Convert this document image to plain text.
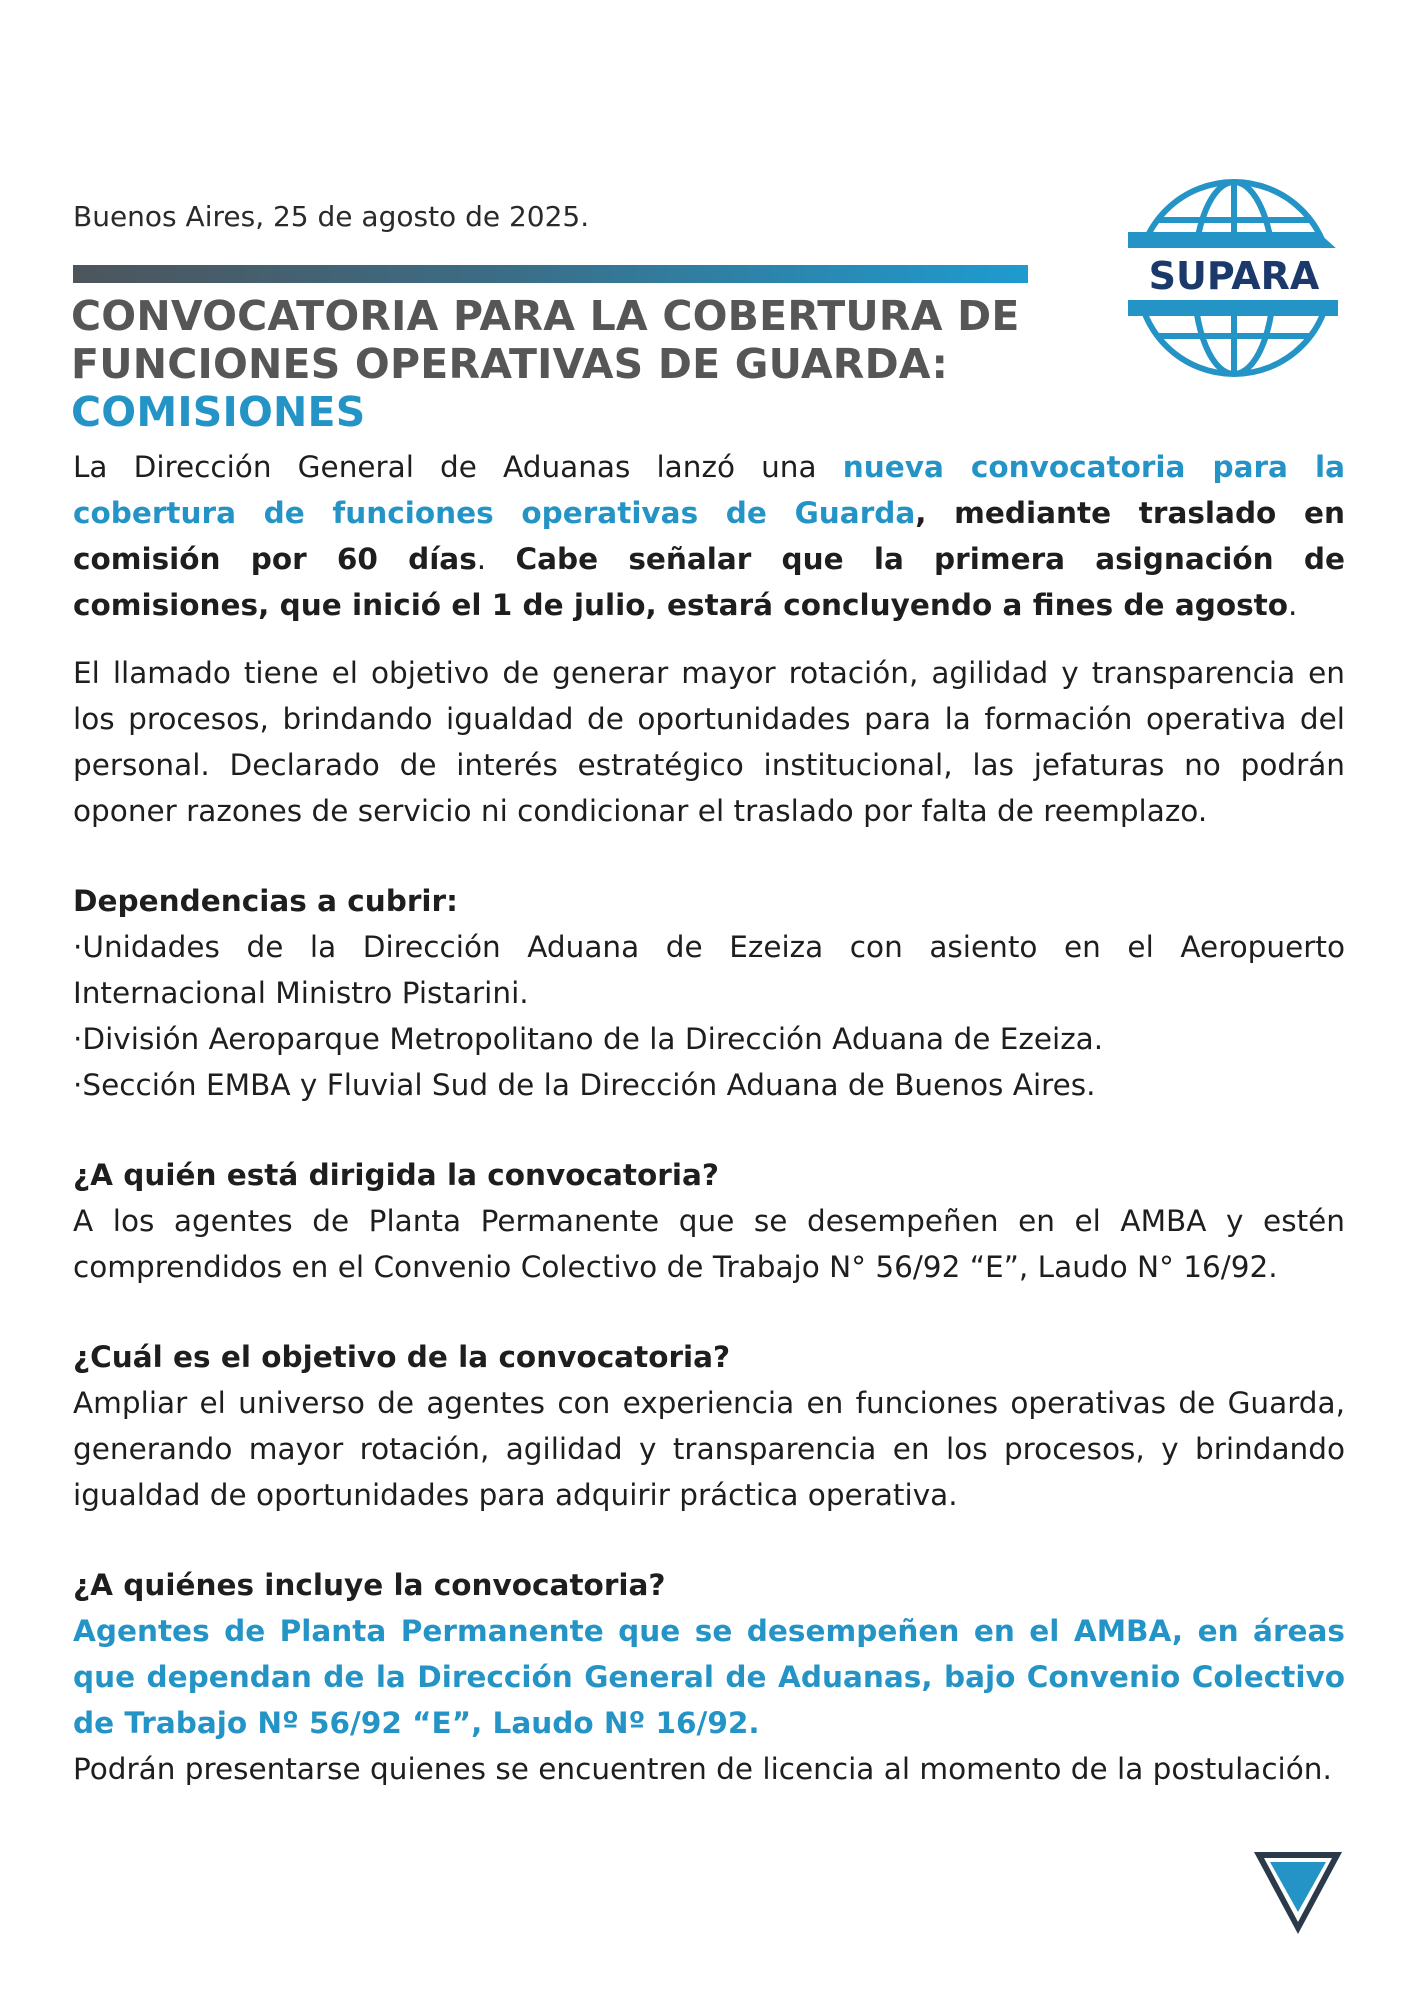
Buenos Aires, 25 de agosto de 2025.
CONVOCATORIA PARA LA COBERTURA DE
FUNCIONES OPERATIVAS DE GUARDA:
COMISIONES
SUPARA

La Dirección General de Aduanas lanzó una nueva convocatoria para la cobertura de funciones operativas de Guarda, mediante traslado en comisión por 60 días. Cabe señalar que la primera asignación de comisiones, que inició el 1 de julio, estará concluyendo a fines de agosto.

El llamado tiene el objetivo de generar mayor rotación, agilidad y transparencia en los procesos, brindando igualdad de oportunidades para la formación operativa del personal. Declarado de interés estratégico institucional, las jefaturas no podrán oponer razones de servicio ni condicionar el traslado por falta de reemplazo.

Dependencias a cubrir:

·Unidades de la Dirección Aduana de Ezeiza con asiento en el Aeropuerto Internacional Ministro Pistarini.

·División Aeroparque Metropolitano de la Dirección Aduana de Ezeiza.

·Sección EMBA y Fluvial Sud de la Dirección Aduana de Buenos Aires.

¿A quién está dirigida la convocatoria?

A los agentes de Planta Permanente que se desempeñen en el AMBA y estén comprendidos en el Convenio Colectivo de Trabajo N° 56/92 “E”, Laudo N° 16/92.

¿Cuál es el objetivo de la convocatoria?

Ampliar el universo de agentes con experiencia en funciones operativas de Guarda, generando mayor rotación, agilidad y transparencia en los procesos, y brindando igualdad de oportunidades para adquirir práctica operativa.

¿A quiénes incluye la convocatoria?

Agentes de Planta Permanente que se desempeñen en el AMBA, en áreas que dependan de la Dirección General de Aduanas, bajo Convenio Colectivo de Trabajo Nº 56/92 “E”, Laudo Nº 16/92.

Podrán presentarse quienes se encuentren de licencia al momento de la postulación.
